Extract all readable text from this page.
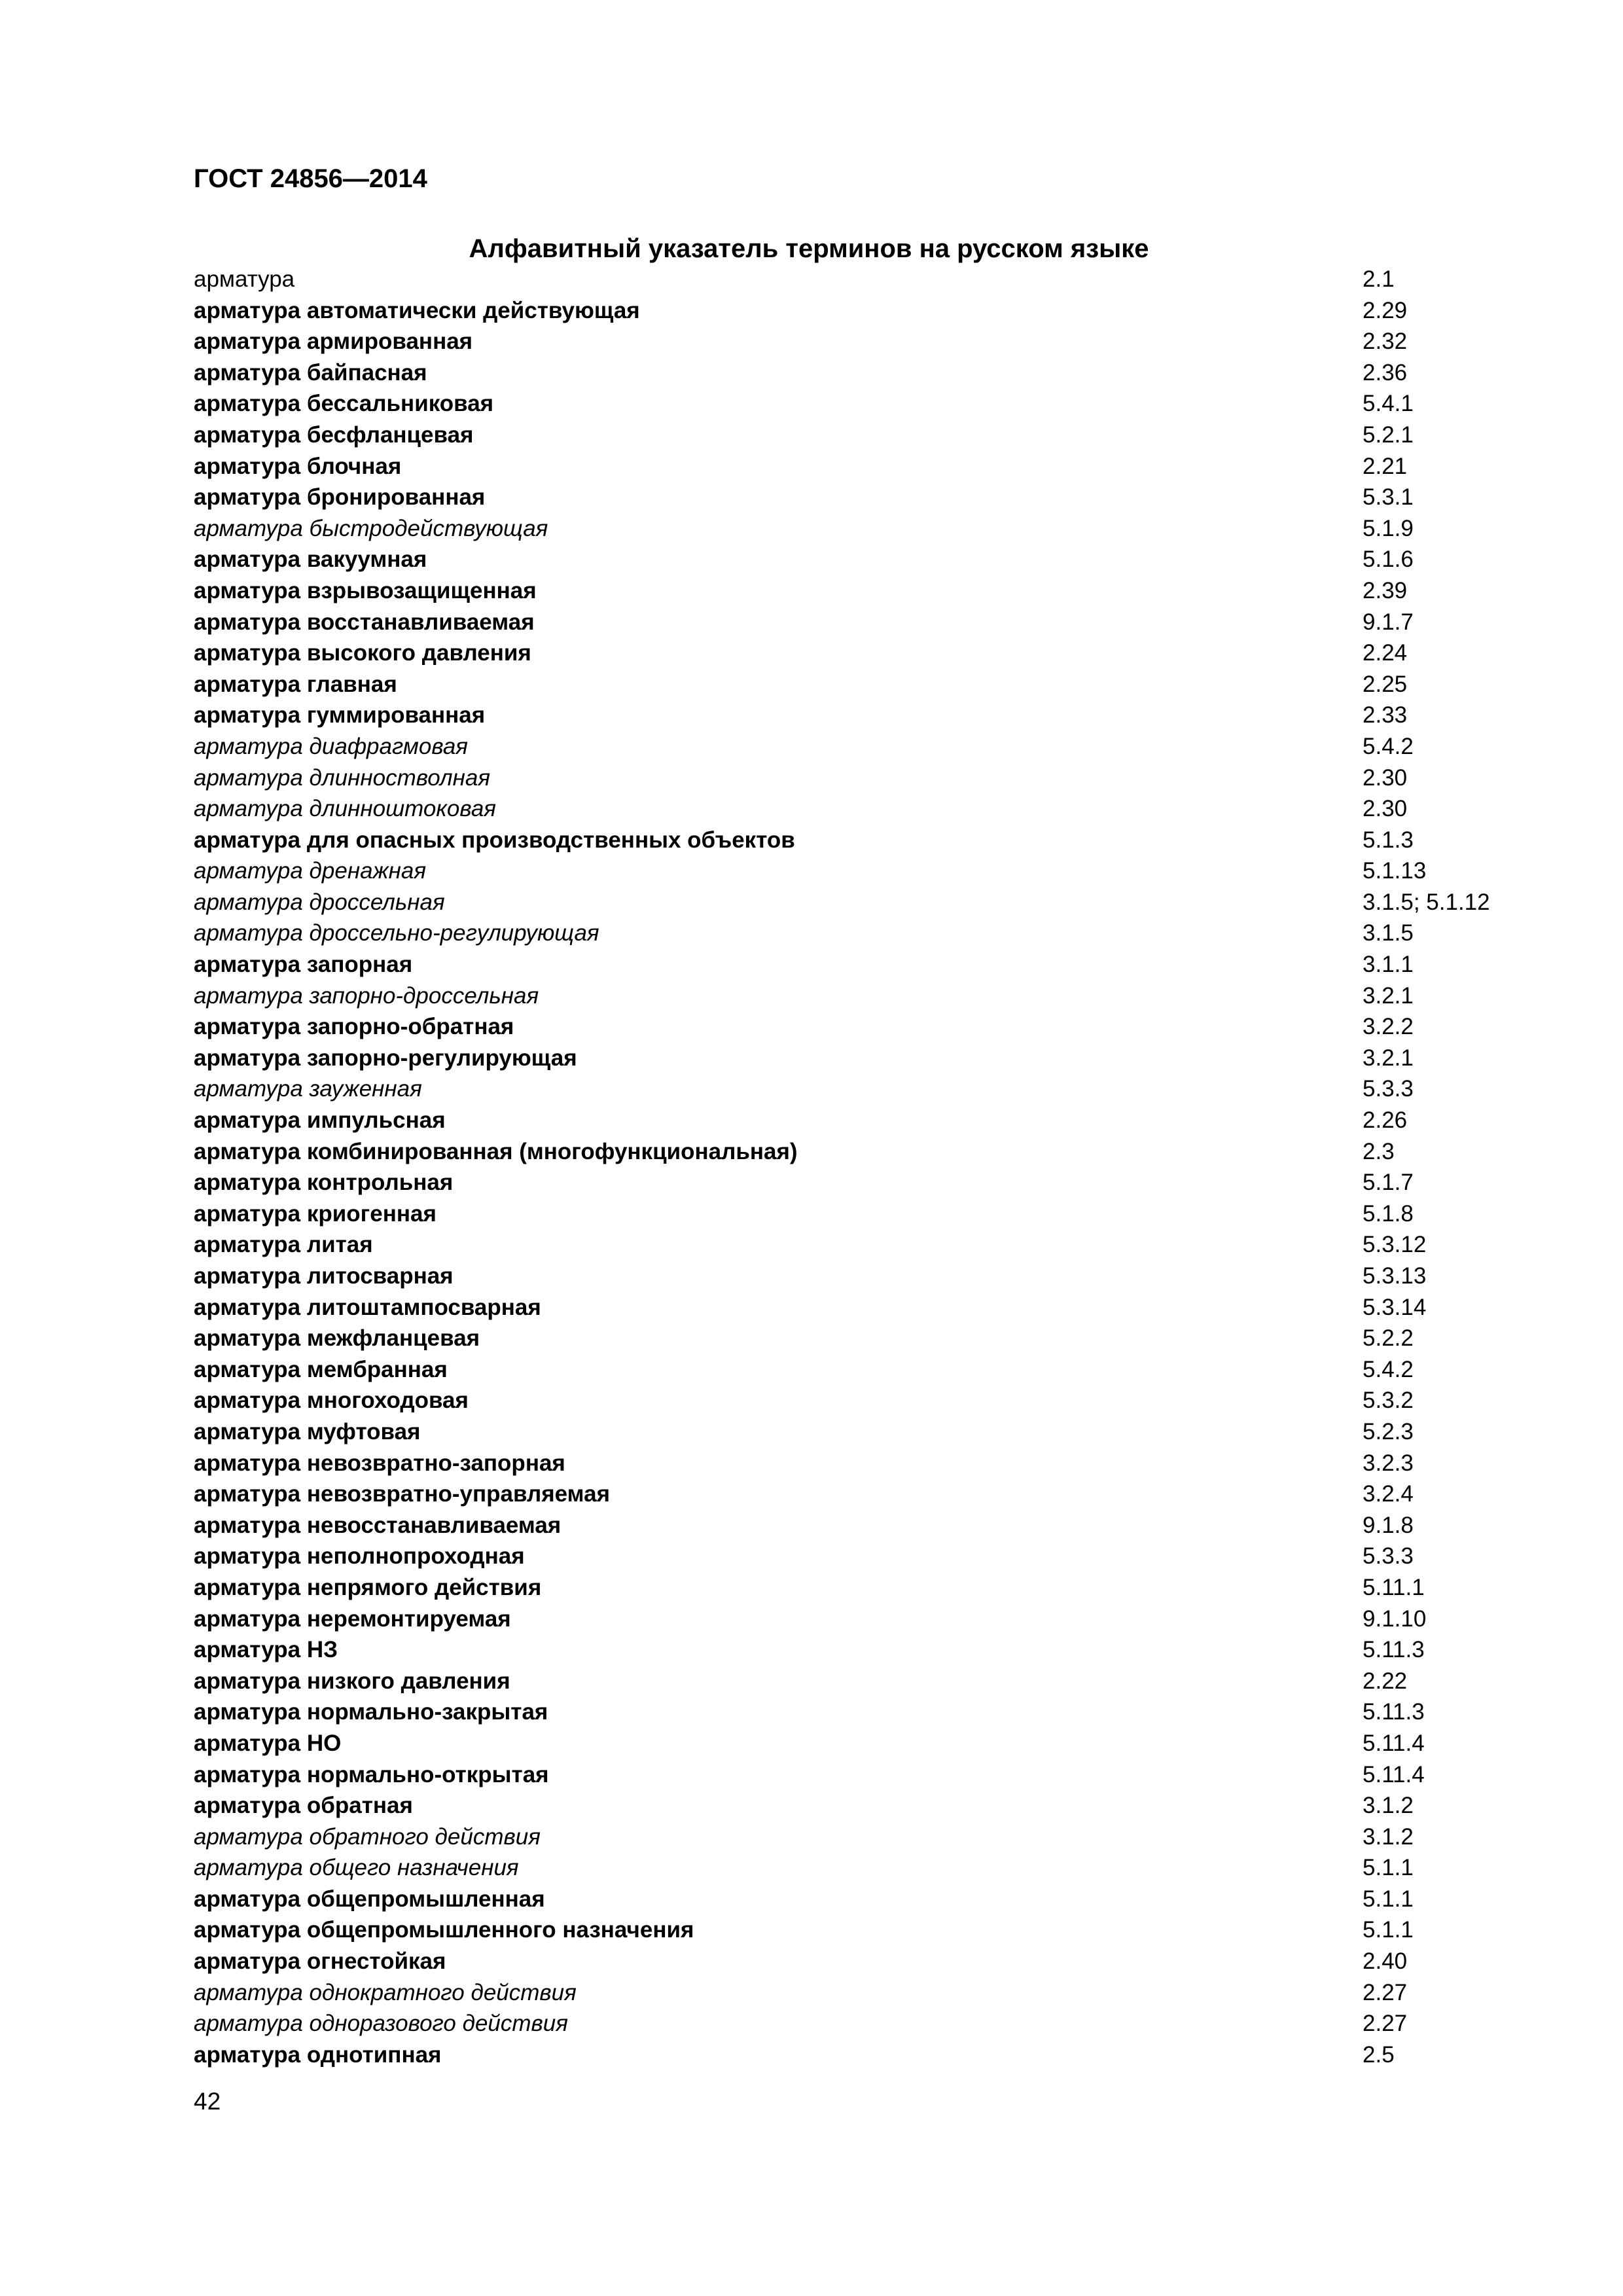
ГОСТ 24856—2014
Алфавитный указатель терминов на русском языке
арматура	2.1
арматура автоматически действующая	2.29
арматура армированная	2.32
арматура байпасная	2.36
арматура бессальниковая	5.4.1
арматура бесфланцевая	5.2.1
арматура блочная	2.21
арматура бронированная	5.3.1
арматура быстродействующая	5.1.9
арматура вакуумная	5.1.6
арматура взрывозащищенная	2.39
арматура восстанавливаемая	9.1.7
арматура высокого давления	2.24
арматура главная	2.25
арматура гуммированная	2.33
арматура диафрагмовая	5.4.2
арматура длинностволная	2.30
арматура длинноштоковая	2.30
арматура для опасных производственных объектов	5.1.3
арматура дренажная	5.1.13
арматура дроссельная	3.1.5; 5.1.12
арматура дроссельно-регулирующая	3.1.5
арматура запорная	3.1.1
арматура запорно-дроссельная	3.2.1
арматура запорно-обратная	3.2.2
арматура запорно-регулирующая	3.2.1
арматура зауженная	5.3.3
арматура импульсная	2.26
арматура комбинированная (многофункциональная)	2.3
арматура контрольная	5.1.7
арматура криогенная	5.1.8
арматура литая	5.3.12
арматура литосварная	5.3.13
арматура литоштампосварная	5.3.14
арматура межфланцевая	5.2.2
арматура мембранная	5.4.2
арматура многоходовая	5.3.2
арматура муфтовая	5.2.3
арматура невозвратно-запорная	3.2.3
арматура невозвратно-управляемая	3.2.4
арматура невосстанавливаемая	9.1.8
арматура неполнопроходная	5.3.3
арматура непрямого действия	5.11.1
арматура неремонтируемая	9.1.10
арматура НЗ	5.11.3
арматура низкого давления	2.22
арматура нормально-закрытая	5.11.3
арматура НО	5.11.4
арматура нормально-открытая	5.11.4
арматура обратная	3.1.2
арматура обратного действия	3.1.2
арматура общего назначения	5.1.1
арматура общепромышленная	5.1.1
арматура общепромышленного назначения	5.1.1
арматура огнестойкая	2.40
арматура однократного действия	2.27
арматура одноразового действия	2.27
арматура однотипная	2.5
42
